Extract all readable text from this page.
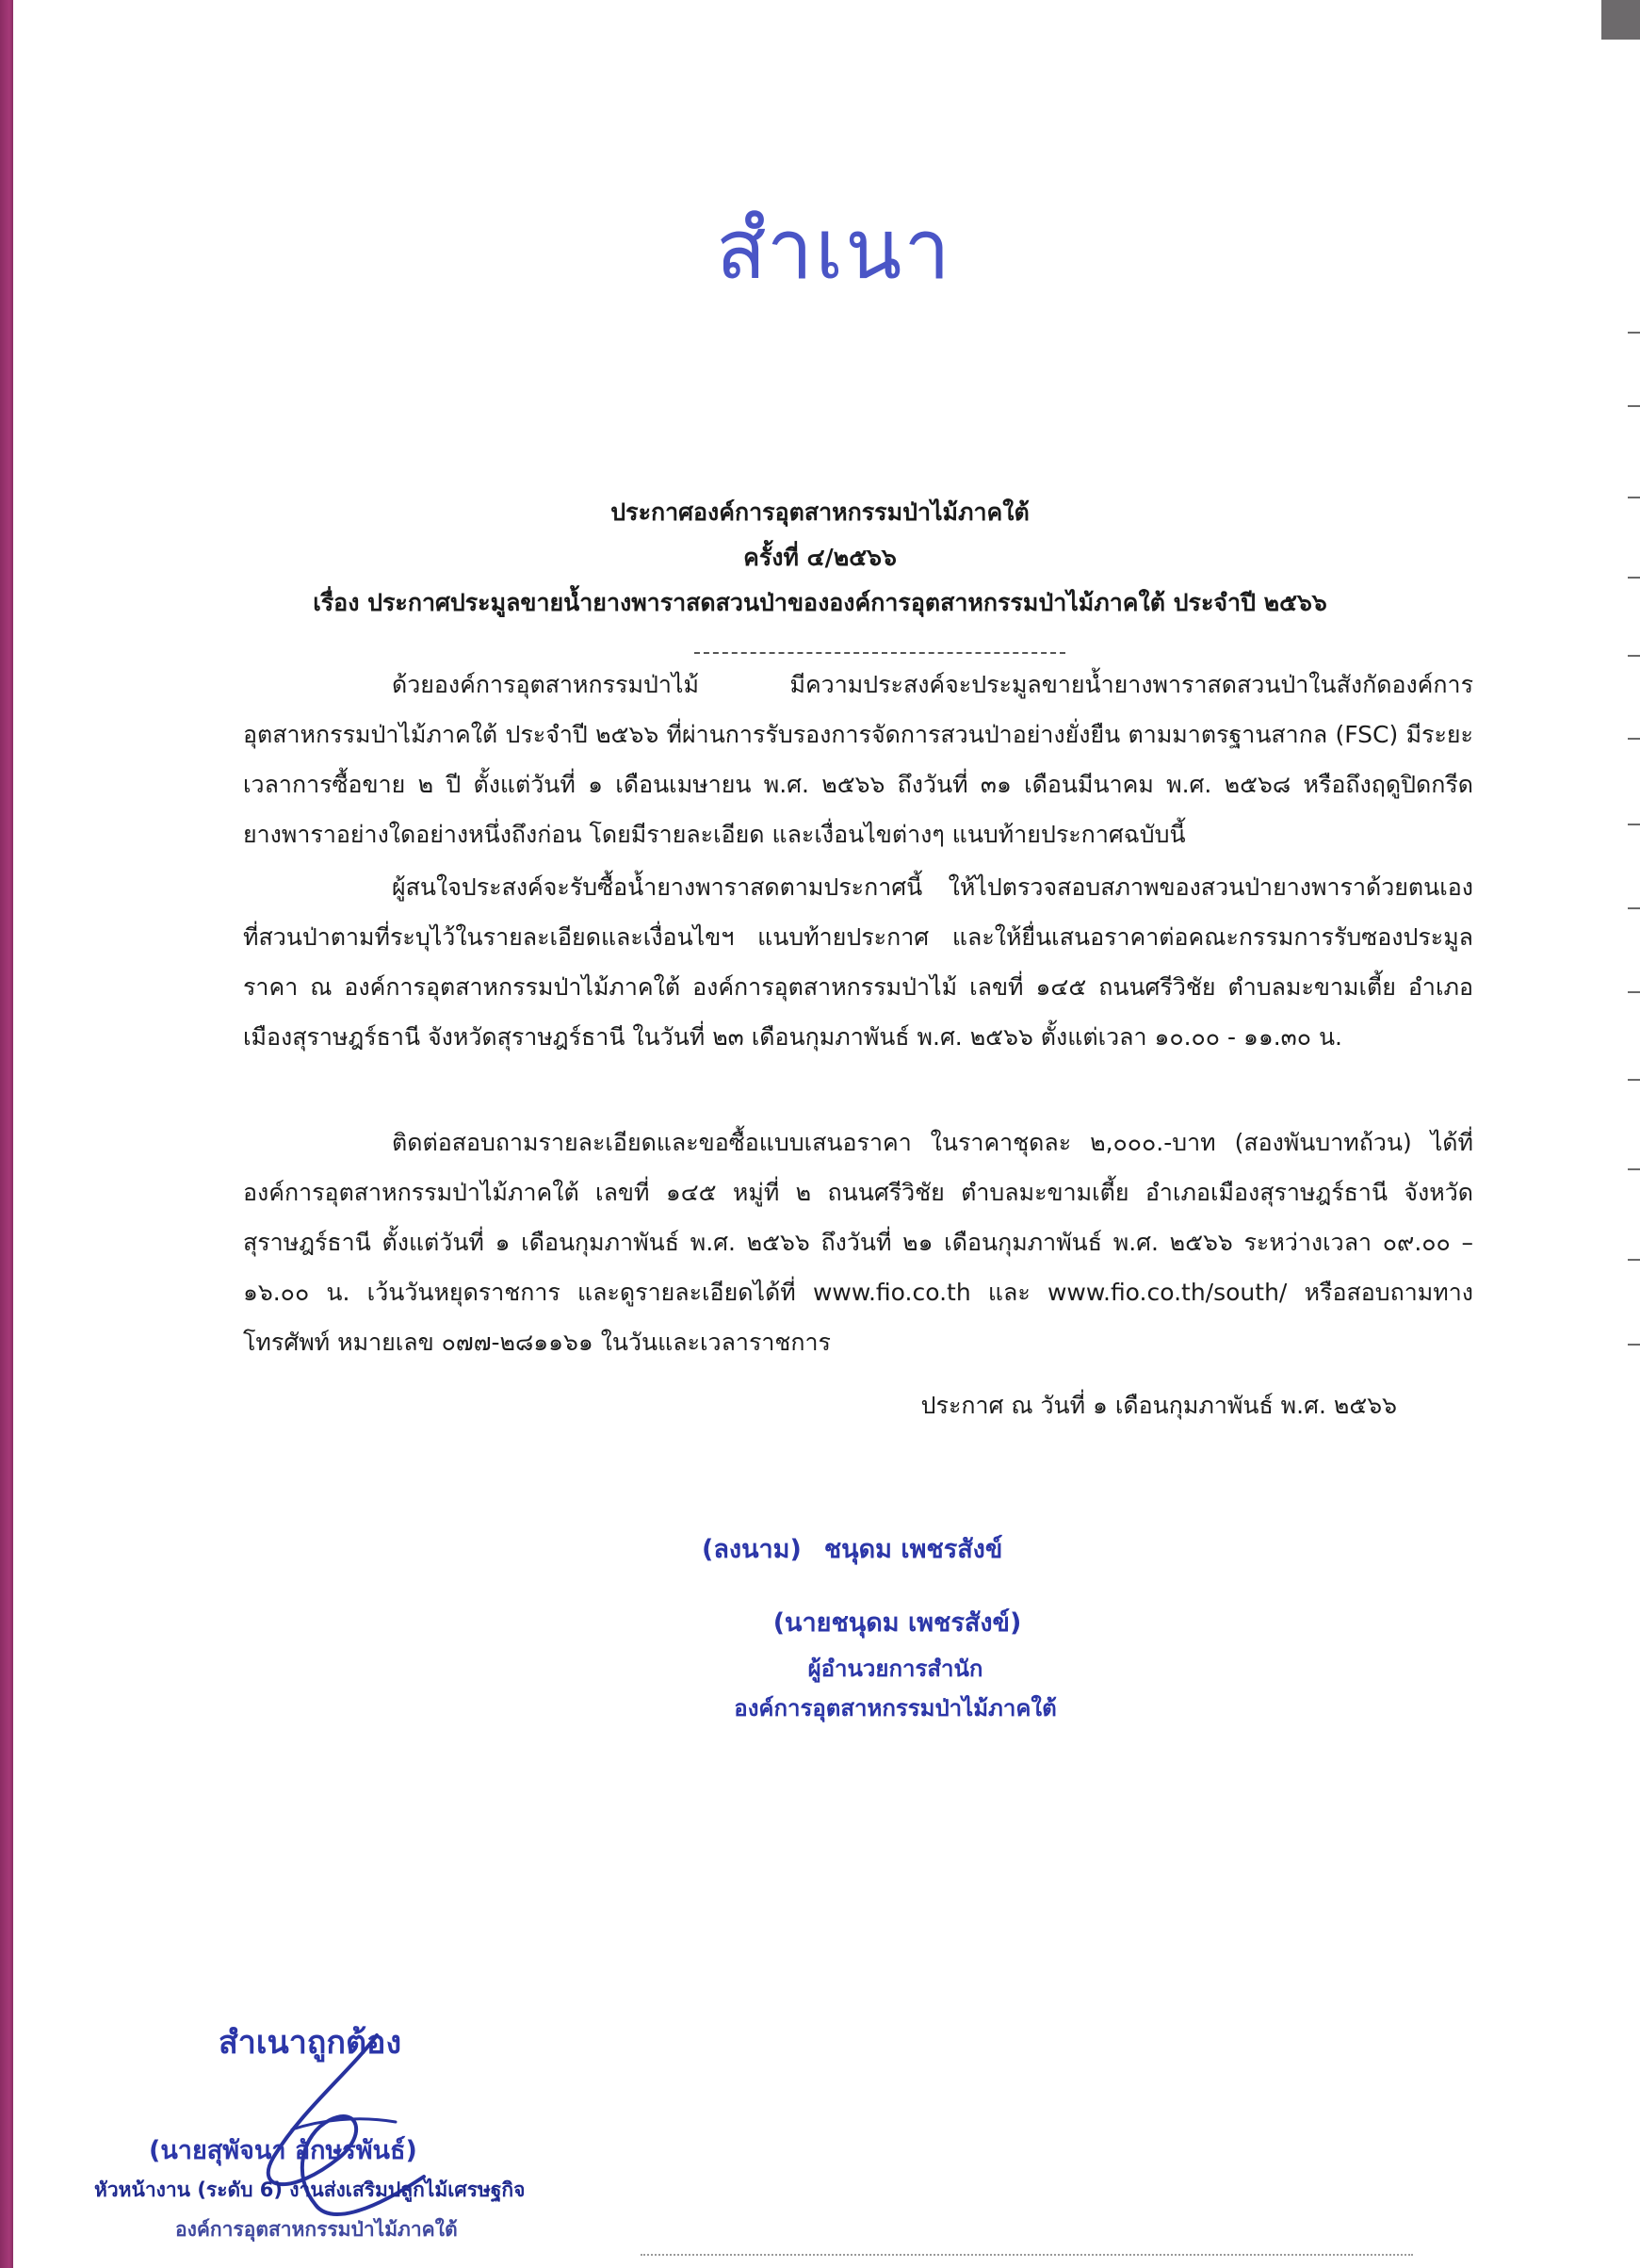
สำเนา
ประกาศองค์การอุตสาหกรรมป่าไม้ภาคใต้
ครั้งที่ ๔/๒๕๖๖
เรื่อง ประกาศประมูลขายน้ำยางพาราสดสวนป่าขององค์การอุตสาหกรรมป่าไม้ภาคใต้ ประจำปี ๒๕๖๖
ด้วยองค์การอุตสาหกรรมป่าไม้ มีความประสงค์จะประมูลขายน้ำยางพาราสดสวนป่าในสังกัดองค์การอุตสาหกรรมป่าไม้ภาคใต้ ประจำปี ๒๕๖๖ ที่ผ่านการรับรองการจัดการสวนป่าอย่างยั่งยืน ตามมาตรฐานสากล (FSC) มีระยะเวลาการซื้อขาย ๒ ปี ตั้งแต่วันที่ ๑ เดือนเมษายน พ.ศ. ๒๕๖๖ ถึงวันที่ ๓๑ เดือนมีนาคม พ.ศ. ๒๕๖๘ หรือถึงฤดูปิดกรีดยางพาราอย่างใดอย่างหนึ่งถึงก่อน โดยมีรายละเอียด และเงื่อนไขต่างๆ แนบท้ายประกาศฉบับนี้
ผู้สนใจประสงค์จะรับซื้อน้ำยางพาราสดตามประกาศนี้ ให้ไปตรวจสอบสภาพของสวนป่ายางพาราด้วยตนเอง ที่สวนป่าตามที่ระบุไว้ในรายละเอียดและเงื่อนไขฯ แนบท้ายประกาศ และให้ยื่นเสนอราคาต่อคณะกรรมการรับซองประมูลราคา ณ องค์การอุตสาหกรรมป่าไม้ภาคใต้ องค์การอุตสาหกรรมป่าไม้ เลขที่ ๑๔๕ ถนนศรีวิชัย ตำบลมะขามเตี้ย อำเภอเมืองสุราษฎร์ธานี จังหวัดสุราษฎร์ธานี ในวันที่ ๒๓ เดือนกุมภาพันธ์ พ.ศ. ๒๕๖๖ ตั้งแต่เวลา ๑๐.๐๐ - ๑๑.๓๐ น.
ติดต่อสอบถามรายละเอียดและขอซื้อแบบเสนอราคา ในราคาชุดละ ๒,๐๐๐.-บาท (สองพันบาทถ้วน) ได้ที่ องค์การอุตสาหกรรมป่าไม้ภาคใต้ เลขที่ ๑๔๕ หมู่ที่ ๒ ถนนศรีวิชัย ตำบลมะขามเตี้ย อำเภอเมืองสุราษฎร์ธานี จังหวัดสุราษฎร์ธานี ตั้งแต่วันที่ ๑ เดือนกุมภาพันธ์ พ.ศ. ๒๕๖๖ ถึงวันที่ ๒๑ เดือนกุมภาพันธ์ พ.ศ. ๒๕๖๖ ระหว่างเวลา ๐๙.๐๐ – ๑๖.๐๐ น. เว้นวันหยุดราชการ และดูรายละเอียดได้ที่ www.fio.co.th และ www.fio.co.th/south/ หรือสอบถามทางโทรศัพท์ หมายเลข ๐๗๗-๒๘๑๑๖๑ ในวันและเวลาราชการ
ประกาศ ณ วันที่ ๑ เดือนกุมภาพันธ์ พ.ศ. ๒๕๖๖
(ลงนาม) ชนุดม เพชรสังข์
(นายชนุดม เพชรสังข์)
ผู้อำนวยการสำนัก
องค์การอุตสาหกรรมป่าไม้ภาคใต้
สำเนาถูกต้อง
(นายสุพัจนา อักษรพันธ์)
หัวหน้างาน (ระดับ 6) งานส่งเสริมปลูกไม้เศรษฐกิจ
องค์การอุตสาหกรรมป่าไม้ภาคใต้
